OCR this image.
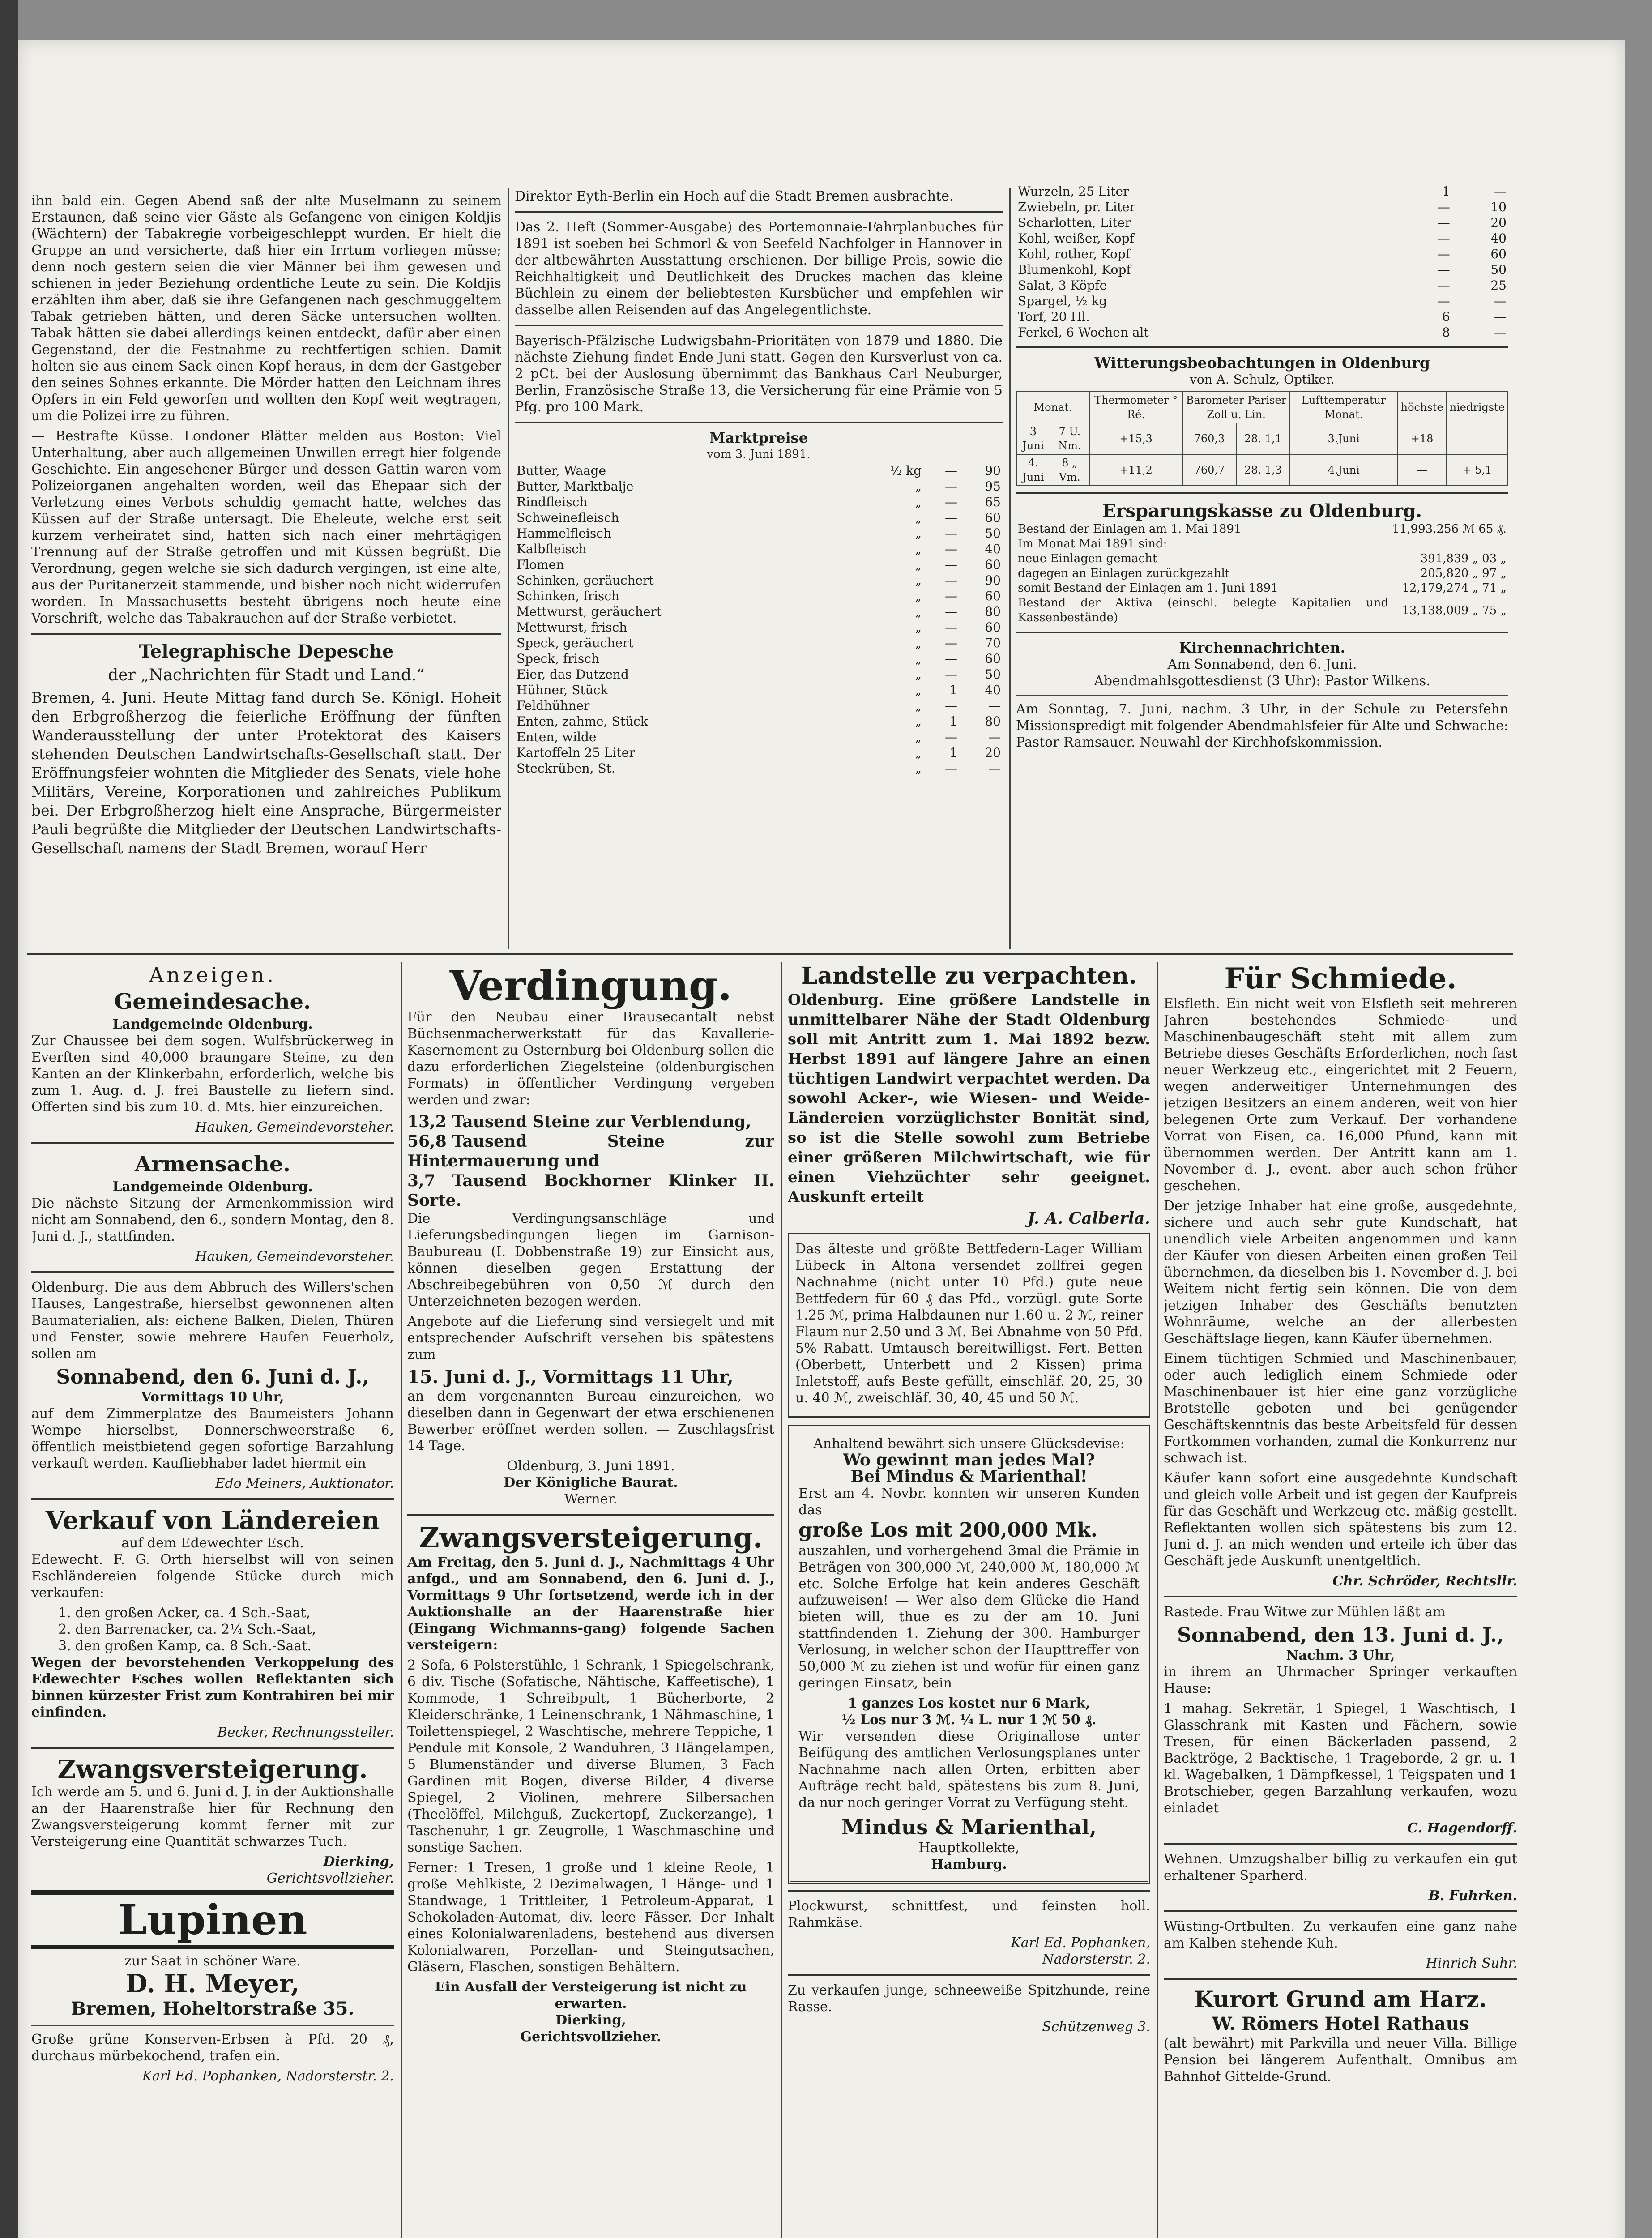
ihn bald ein. Gegen Abend saß der alte Muselmann zu seinem Erstaunen, daß seine vier Gäste als Gefangene von einigen Koldjis (Wächtern) der Tabakregie vorbeigeschleppt wurden. Er hielt die Gruppe an und versicherte, daß hier ein Irrtum vorliegen müsse; denn noch gestern seien die vier Männer bei ihm gewesen und schienen in jeder Beziehung ordentliche Leute zu sein. Die Koldjis erzählten ihm aber, daß sie ihre Gefangenen nach geschmuggeltem Tabak getrieben hätten, und deren Säcke untersuchen wollten. Tabak hätten sie dabei allerdings keinen entdeckt, dafür aber einen Gegenstand, der die Festnahme zu rechtfertigen schien. Damit holten sie aus einem Sack einen Kopf heraus, in dem der Gastgeber den seines Sohnes erkannte. Die Mörder hatten den Leichnam ihres Opfers in ein Feld geworfen und wollten den Kopf weit wegtragen, um die Polizei irre zu führen.

— Bestrafte Küsse. Londoner Blätter melden aus Boston: Viel Unterhaltung, aber auch allgemeinen Unwillen erregt hier folgende Geschichte. Ein angesehener Bürger und dessen Gattin waren vom Polizeiorganen angehalten worden, weil das Ehepaar sich der Verletzung eines Verbots schuldig gemacht hatte, welches das Küssen auf der Straße untersagt. Die Eheleute, welche erst seit kurzem verheiratet sind, hatten sich nach einer mehrtägigen Trennung auf der Straße getroffen und mit Küssen begrüßt. Die Verordnung, gegen welche sie sich dadurch vergingen, ist eine alte, aus der Puritanerzeit stammende, und bisher noch nicht widerrufen worden. In Massachusetts besteht übrigens noch heute eine Vorschrift, welche das Tabakrauchen auf der Straße verbietet.

Telegraphische Depesche
der „Nachrichten für Stadt und Land.“

Bremen, 4. Juni. Heute Mittag fand durch Se. Königl. Hoheit den Erbgroßherzog die feierliche Eröffnung der fünften Wanderausstellung der unter Protektorat des Kaisers stehenden Deutschen Landwirtschafts-Gesellschaft statt. Der Eröffnungsfeier wohnten die Mitglieder des Senats, viele hohe Militärs, Vereine, Korporationen und zahlreiches Publikum bei. Der Erbgroßherzog hielt eine Ansprache, Bürgermeister Pauli begrüßte die Mitglieder der Deutschen Landwirtschafts-Gesellschaft namens der Stadt Bremen, worauf Herr

Direktor Eyth-Berlin ein Hoch auf die Stadt Bremen ausbrachte.

Das 2. Heft (Sommer-Ausgabe) des Portemonnaie-Fahrplanbuches für 1891 ist soeben bei Schmorl & von Seefeld Nachfolger in Hannover in der altbewährten Ausstattung erschienen. Der billige Preis, sowie die Reichhaltigkeit und Deutlichkeit des Druckes machen das kleine Büchlein zu einem der beliebtesten Kursbücher und empfehlen wir dasselbe allen Reisenden auf das Angelegentlichste.

Bayerisch-Pfälzische Ludwigsbahn-Prioritäten von 1879 und 1880. Die nächste Ziehung findet Ende Juni statt. Gegen den Kursverlust von ca. 2 pCt. bei der Auslosung übernimmt das Bankhaus Carl Neuburger, Berlin, Französische Straße 13, die Versicherung für eine Prämie von 5 Pfg. pro 100 Mark.

Marktpreise
vom 3. Juni 1891.
Butter, Waage	½ kg	—	90
Butter, Marktbalje	„	—	95
Rindfleisch	„	—	65
Schweinefleisch	„	—	60
Hammelfleisch	„	—	50
Kalbfleisch	„	—	40
Flomen	„	—	60
Schinken, geräuchert	„	—	90
Schinken, frisch	„	—	60
Mettwurst, geräuchert	„	—	80
Mettwurst, frisch	„	—	60
Speck, geräuchert	„	—	70
Speck, frisch	„	—	60
Eier, das Dutzend	„	—	50
Hühner, Stück	„	1	40
Feldhühner	„	—	—
Enten, zahme, Stück	„	1	80
Enten, wilde	„	—	—
Kartoffeln 25 Liter	„	1	20
Steckrüben, St.	„	—	—
Wurzeln, 25 Liter	1	—
Zwiebeln, pr. Liter	—	10
Scharlotten, Liter	—	20
Kohl, weißer, Kopf	—	40
Kohl, rother, Kopf	—	60
Blumenkohl, Kopf	—	50
Salat, 3 Köpfe	—	25
Spargel, ½ kg	—	—
Torf, 20 Hl.	6	—
Ferkel, 6 Wochen alt	8	—
Witterungsbeobachtungen in Oldenburg
von A. Schulz, Optiker.
Monat.		Thermometer ° Ré.	Barometer Pariser Zoll u. Lin.		Lufttemperatur Monat.	höchste	niedrigste
3 Juni	7 U. Nm.	+15,3	760,3	28. 1,1	3.Juni	+18	
4. Juni	8 „ Vm.	+11,2	760,7	28. 1,3	4.Juni	—	+ 5,1
Ersparungskasse zu Oldenburg.
Bestand der Einlagen am 1. Mai 1891	11,993,256 ℳ 65 ₰.
Im Monat Mai 1891 sind:	
neue Einlagen gemacht	391,839 „ 03 „
dagegen an Einlagen zurückgezahlt	205,820 „ 97 „
somit Bestand der Einlagen am 1. Juni 1891	12,179,274 „ 71 „
Bestand der Aktiva (einschl. belegte Kapitalien und Kassenbestände)	13,138,009 „ 75 „
Kirchennachrichten.
Am Sonnabend, den 6. Juni.
Abendmahlsgottesdienst (3 Uhr): Pastor Wilkens.

Am Sonntag, 7. Juni, nachm. 3 Uhr, in der Schule zu Petersfehn Missionspredigt mit folgender Abendmahlsfeier für Alte und Schwache: Pastor Ramsauer. Neuwahl der Kirchhofskommission.

Anzeigen.
Gemeindesache.
Landgemeinde Oldenburg.

Zur Chaussee bei dem sogen. Wulfsbrückerweg in Everſten sind 40,000 braungare Steine, zu den Kanten an der Klinkerbahn, erforderlich, welche bis zum 1. Aug. d. J. frei Baustelle zu liefern sind. Offerten sind bis zum 10. d. Mts. hier einzureichen.

Hauken, Gemeindevorsteher.
Armensache.
Landgemeinde Oldenburg.

Die nächste Sitzung der Armenkommission wird nicht am Sonnabend, den 6., sondern Montag, den 8. Juni d. J., stattfinden.

Hauken, Gemeindevorsteher.

Oldenburg. Die aus dem Abbruch des Willers'schen Hauses, Langestraße, hierselbst gewonnenen alten Baumaterialien, als: eichene Balken, Dielen, Thüren und Fenster, sowie mehrere Haufen Feuerholz, sollen am

Sonnabend, den 6. Juni d. J.,
Vormittags 10 Uhr,

auf dem Zimmerplatze des Baumeisters Johann Wempe hierselbst, Donnerschweerstraße 6, öffentlich meistbietend gegen sofortige Barzahlung verkauft werden. Kaufliebhaber ladet hiermit ein

Edo Meiners, Auktionator.
Verkauf von Ländereien
auf dem Edewechter Esch.

Edewecht. F. G. Orth hierselbst will von seinen Eschländereien folgende Stücke durch mich verkaufen:

1. den großen Acker, ca. 4 Sch.-Saat,
2. den Barrenacker, ca. 2¼ Sch.-Saat,
3. den großen Kamp, ca. 8 Sch.-Saat.

Wegen der bevorstehenden Verkoppelung des Edewechter Esches wollen Reflektanten sich binnen kürzester Frist zum Kontrahiren bei mir einfinden.

Becker, Rechnungssteller.
Zwangsversteigerung.

Ich werde am 5. und 6. Juni d. J. in der Auktionshalle an der Haarenstraße hier für Rechnung den Zwangsversteigerung kommt ferner mit zur Versteigerung eine Quantität schwarzes Tuch.

Dierking,
Gerichtsvollzieher.
Lupinen
zur Saat in schöner Ware.
D. H. Meyer,
Bremen, Hoheltorstraße 35.

Große grüne Konserven-Erbsen à Pfd. 20 ₰, durchaus mürbekochend, trafen ein.

Karl Ed. Pophanken, Nadorsterstr. 2.
Verdingung.

Für den Neubau einer Brausecantalt nebst Büchsenmacherwerkstatt für das Kavallerie-Kasernement zu Osternburg bei Oldenburg sollen die dazu erforderlichen Ziegelsteine (oldenburgischen Formats) in öffentlicher Verdingung vergeben werden und zwar:

13,2 Tausend Steine zur Verblendung,
56,8 Tausend Steine zur Hintermauerung und
3,7 Tausend Bockhorner Klinker II. Sorte.

Die Verdingungsanschläge und Lieferungsbedingungen liegen im Garnison-Baubureau (I. Dobbenstraße 19) zur Einsicht aus, können dieselben gegen Erstattung der Abschreibegebühren von 0,50 ℳ durch den Unterzeichneten bezogen werden.

Angebote auf die Lieferung sind versiegelt und mit entsprechender Aufschrift versehen bis spätestens zum

15. Juni d. J., Vormittags 11 Uhr,

an dem vorgenannten Bureau einzureichen, wo dieselben dann in Gegenwart der etwa erschienenen Bewerber eröffnet werden sollen. — Zuschlagsfrist 14 Tage.

Oldenburg, 3. Juni 1891.
Der Königliche Baurat.
Werner.
Zwangsversteigerung.

Am Freitag, den 5. Juni d. J., Nachmittags 4 Uhr anfgd., und am Sonnabend, den 6. Juni d. J., Vormittags 9 Uhr fortsetzend, werde ich in der Auktionshalle an der Haarenstraße hier (Eingang Wichmanns-gang) folgende Sachen versteigern:

2 Sofa, 6 Polsterstühle, 1 Schrank, 1 Spiegelschrank, 6 div. Tische (Sofatische, Nähtische, Kaffeetische), 1 Kommode, 1 Schreibpult, 1 Bücherborte, 2 Kleiderschränke, 1 Leinenschrank, 1 Nähmaschine, 1 Toilettenspiegel, 2 Waschtische, mehrere Teppiche, 1 Pendule mit Konsole, 2 Wanduhren, 3 Hängelampen, 5 Blumenständer und diverse Blumen, 3 Fach Gardinen mit Bogen, diverse Bilder, 4 diverse Spiegel, 2 Violinen, mehrere Silbersachen (Theelöffel, Milchguß, Zuckertopf, Zuckerzange), 1 Taschenuhr, 1 gr. Zeugrolle, 1 Waschmaschine und sonstige Sachen.

Ferner: 1 Tresen, 1 große und 1 kleine Reole, 1 große Mehlkiste, 2 Dezimalwagen, 1 Hänge- und 1 Standwage, 1 Trittleiter, 1 Petroleum-Apparat, 1 Schokoladen-Automat, div. leere Fässer. Der Inhalt eines Kolonialwarenladens, bestehend aus diversen Kolonialwaren, Porzellan- und Steingutsachen, Gläsern, Flaschen, sonstigen Behältern.

Ein Ausfall der Versteigerung ist nicht zu erwarten.
Dierking,
Gerichtsvollzieher.
Landstelle zu verpachten.

Oldenburg. Eine größere Landstelle in unmittelbarer Nähe der Stadt Oldenburg soll mit Antritt zum 1. Mai 1892 bezw. Herbst 1891 auf längere Jahre an einen tüchtigen Landwirt verpachtet werden. Da sowohl Acker-, wie Wiesen- und Weide-Ländereien vorzüglichster Bonität sind, so ist die Stelle sowohl zum Betriebe einer größeren Milchwirtschaft, wie für einen Viehzüchter sehr geeignet. Auskunft erteilt

J. A. Calberla.

Das älteste und größte Bettfedern-Lager William Lübeck in Altona versendet zollfrei gegen Nachnahme (nicht unter 10 Pfd.) gute neue Bettfedern für 60 ₰ das Pfd., vorzügl. gute Sorte 1.25 ℳ, prima Halbdaunen nur 1.60 u. 2 ℳ, reiner Flaum nur 2.50 und 3 ℳ. Bei Abnahme von 50 Pfd. 5% Rabatt. Umtausch bereitwilligst. Fert. Betten (Oberbett, Unterbett und 2 Kissen) prima Inletstoff, aufs Beste gefüllt, einschläf. 20, 25, 30 u. 40 ℳ, zweischläf. 30, 40, 45 und 50 ℳ.

Anhaltend bewährt sich unsere Glücksdevise:
Wo gewinnt man jedes Mal?
Bei Mindus & Marienthal!
Erst am 4. Novbr. konnten wir unseren Kunden das
große Los mit 200,000 Mk.

auszahlen, und vorhergehend 3mal die Prämie in Beträgen von 300,000 ℳ, 240,000 ℳ, 180,000 ℳ etc. Solche Erfolge hat kein anderes Geschäft aufzuweisen! — Wer also dem Glücke die Hand bieten will, thue es zu der am 10. Juni stattfindenden 1. Ziehung der 300. Hamburger Verlosung, in welcher schon der Haupttreffer von 50,000 ℳ zu ziehen ist und wofür für einen ganz geringen Einsatz, bein

1 ganzes Los kostet nur 6 Mark,
½ Los nur 3 ℳ. ¼ L. nur 1 ℳ 50 ₰.

Wir versenden diese Originallose unter Beifügung des amtlichen Verlosungsplanes unter Nachnahme nach allen Orten, erbitten aber Aufträge recht bald, spätestens bis zum 8. Juni, da nur noch geringer Vorrat zu Verfügung steht.

Mindus & Marienthal,
Hauptkollekte,
Hamburg.

Plockwurst, schnittfest, und feinsten holl. Rahmkäse.

Karl Ed. Pophanken,
Nadorsterstr. 2.

Zu verkaufen junge, schneeweiße Spitzhunde, reine Rasse.

Schützenweg 3.
Für Schmiede.

Elsfleth. Ein nicht weit von Elsfleth seit mehreren Jahren bestehendes Schmiede- und Maschinenbaugeschäft steht mit allem zum Betriebe dieses Geschäfts Erforderlichen, noch fast neuer Werkzeug etc., eingerichtet mit 2 Feuern, wegen anderweitiger Unternehmungen des jetzigen Besitzers an einem anderen, weit von hier belegenen Orte zum Verkauf. Der vorhandene Vorrat von Eisen, ca. 16,000 Pfund, kann mit übernommen werden. Der Antritt kann am 1. November d. J., event. aber auch schon früher geschehen.

Der jetzige Inhaber hat eine große, ausgedehnte, sichere und auch sehr gute Kundschaft, hat unendlich viele Arbeiten angenommen und kann der Käufer von diesen Arbeiten einen großen Teil übernehmen, da dieselben bis 1. November d. J. bei Weitem nicht fertig sein können. Die von dem jetzigen Inhaber des Geschäfts benutzten Wohnräume, welche an der allerbesten Geschäftslage liegen, kann Käufer übernehmen.

Einem tüchtigen Schmied und Maschinenbauer, oder auch lediglich einem Schmiede oder Maschinenbauer ist hier eine ganz vorzügliche Brotstelle geboten und bei genügender Geschäftskenntnis das beste Arbeitsfeld für dessen Fortkommen vorhanden, zumal die Konkurrenz nur schwach ist.

Käufer kann sofort eine ausgedehnte Kundschaft und gleich volle Arbeit und ist gegen der Kaufpreis für das Geschäft und Werkzeug etc. mäßig gestellt. Reflektanten wollen sich spätestens bis zum 12. Juni d. J. an mich wenden und erteile ich über das Geschäft jede Auskunft unentgeltlich.

Chr. Schröder, Rechtsllr.

Rastede. Frau Witwe zur Mühlen läßt am

Sonnabend, den 13. Juni d. J.,
Nachm. 3 Uhr,

in ihrem an Uhrmacher Springer verkauften Hause:

1 mahag. Sekretär, 1 Spiegel, 1 Waschtisch, 1 Glasschrank mit Kasten und Fächern, sowie Tresen, für einen Bäckerladen passend, 2 Backtröge, 2 Backtische, 1 Trageborde, 2 gr. u. 1 kl. Wagebalken, 1 Dämpfkessel, 1 Teigspaten und 1 Brotschieber, gegen Barzahlung verkaufen, wozu einladet

C. Hagendorff.

Wehnen. Umzugshalber billig zu verkaufen ein gut erhaltener Sparherd.

B. Fuhrken.

Wüsting-Ortbulten. Zu verkaufen eine ganz nahe am Kalben stehende Kuh.

Hinrich Suhr.
Kurort Grund am Harz.
W. Römers Hotel Rathaus

(alt bewährt) mit Parkvilla und neuer Villa. Billige Pension bei längerem Aufenthalt. Omnibus am Bahnhof Gittelde-Grund.
